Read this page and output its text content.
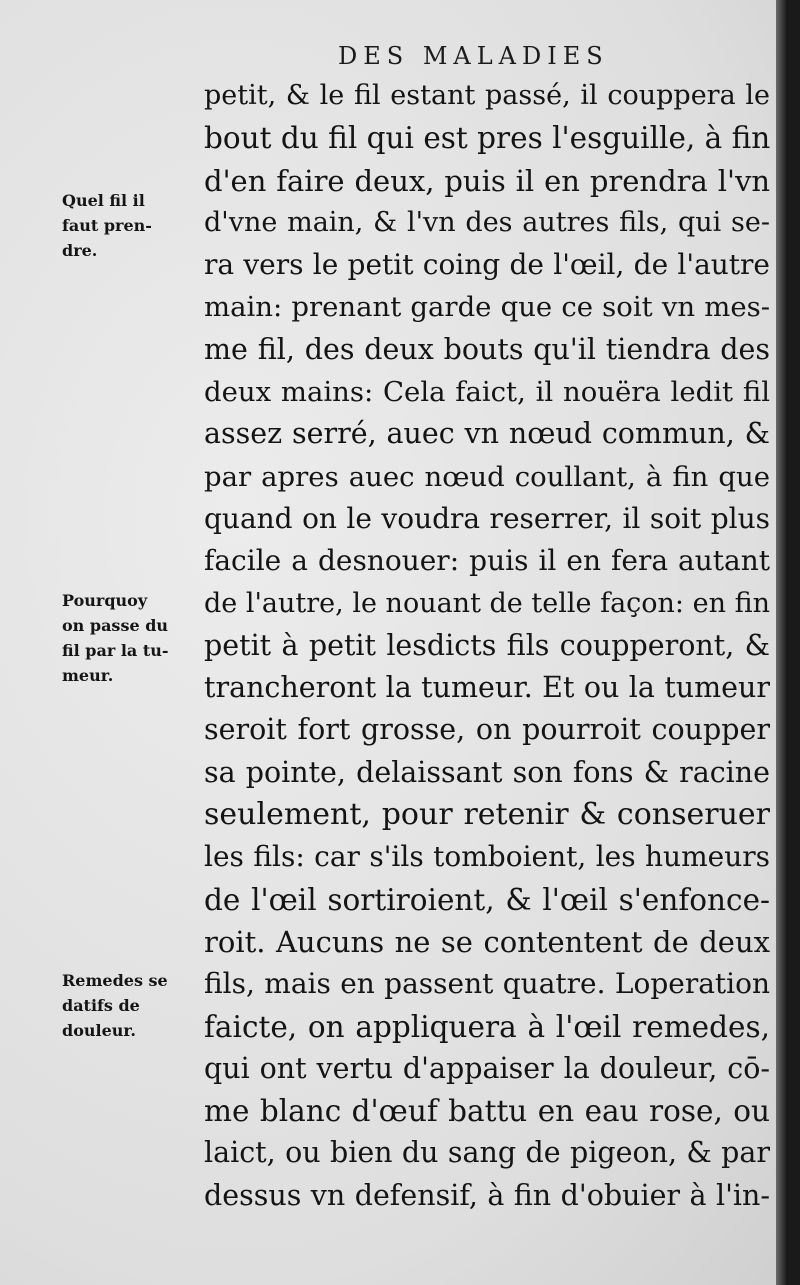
DES MALADIES
petit, & le fil estant passé, il couppera le
bout du fil qui est pres l'esguille, à fin
d'en faire deux, puis il en prendra l'vn
d'vne main, & l'vn des autres fils, qui se-
ra vers le petit coing de l'œil, de l'autre
main: prenant garde que ce soit vn mes-
me fil, des deux bouts qu'il tiendra des
deux mains: Cela faict, il nouëra ledit fil
assez serré, auec vn nœud commun, &
par apres auec nœud coullant, à fin que
quand on le voudra reserrer, il soit plus
facile a desnouer: puis il en fera autant
de l'autre, le nouant de telle façon: en fin
petit à petit lesdicts fils coupperont, &
trancheront la tumeur. Et ou la tumeur
seroit fort grosse, on pourroit coupper
sa pointe, delaissant son fons & racine
seulement, pour retenir & conseruer
les fils: car s'ils tomboient, les humeurs
de l'œil sortiroient, & l'œil s'enfonce-
roit. Aucuns ne se contentent de deux
fils, mais en passent quatre. Loperation
faicte, on appliquera à l'œil remedes,
qui ont vertu d'appaiser la douleur, cō-
me blanc d'œuf battu en eau rose, ou
laict, ou bien du sang de pigeon, & par
dessus vn defensif, à fin d'obuier à l'in-
Quel fil il
faut pren-
dre.
Pourquoy
on passe du
fil par la tu-
meur.
Remedes se
datifs de
douleur.
